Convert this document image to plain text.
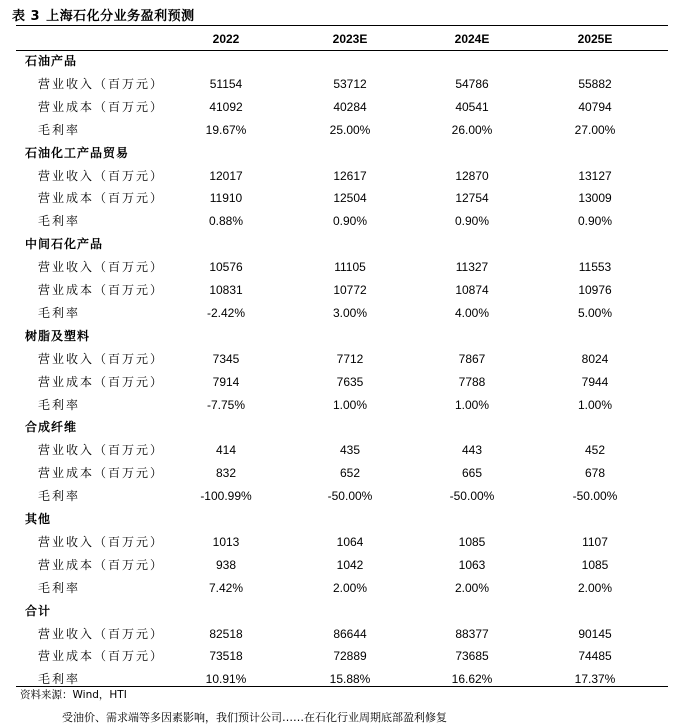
表 3 上海石化分业务盈利预测
2022	2023E	2024E	2025E
石油产品
营业收入（百万元）	51154	53712	54786	55882
营业成本（百万元）	41092	40284	40541	40794
毛利率	19.67%	25.00%	26.00%	27.00%
石油化工产品贸易
营业收入（百万元）	12017	12617	12870	13127
营业成本（百万元）	11910	12504	12754	13009
毛利率	0.88%	0.90%	0.90%	0.90%
中间石化产品
营业收入（百万元）	10576	11105	11327	11553
营业成本（百万元）	10831	10772	10874	10976
毛利率	-2.42%	3.00%	4.00%	5.00%
树脂及塑料
营业收入（百万元）	7345	7712	7867	8024
营业成本（百万元）	7914	7635	7788	7944
毛利率	-7.75%	1.00%	1.00%	1.00%
合成纤维
营业收入（百万元）	414	435	443	452
营业成本（百万元）	832	652	665	678
毛利率	-100.99%	-50.00%	-50.00%	-50.00%
其他
营业收入（百万元）	1013	1064	1085	1107
营业成本（百万元）	938	1042	1063	1085
毛利率	7.42%	2.00%	2.00%	2.00%
合计
营业收入（百万元）	82518	86644	88377	90145
营业成本（百万元）	73518	72889	73685	74485
毛利率	10.91%	15.88%	16.62%	17.37%
资料来源：Wind，HTI
受油价、需求端等多因素影响，我们预计公司……在石化行业周期底部盈利修复
